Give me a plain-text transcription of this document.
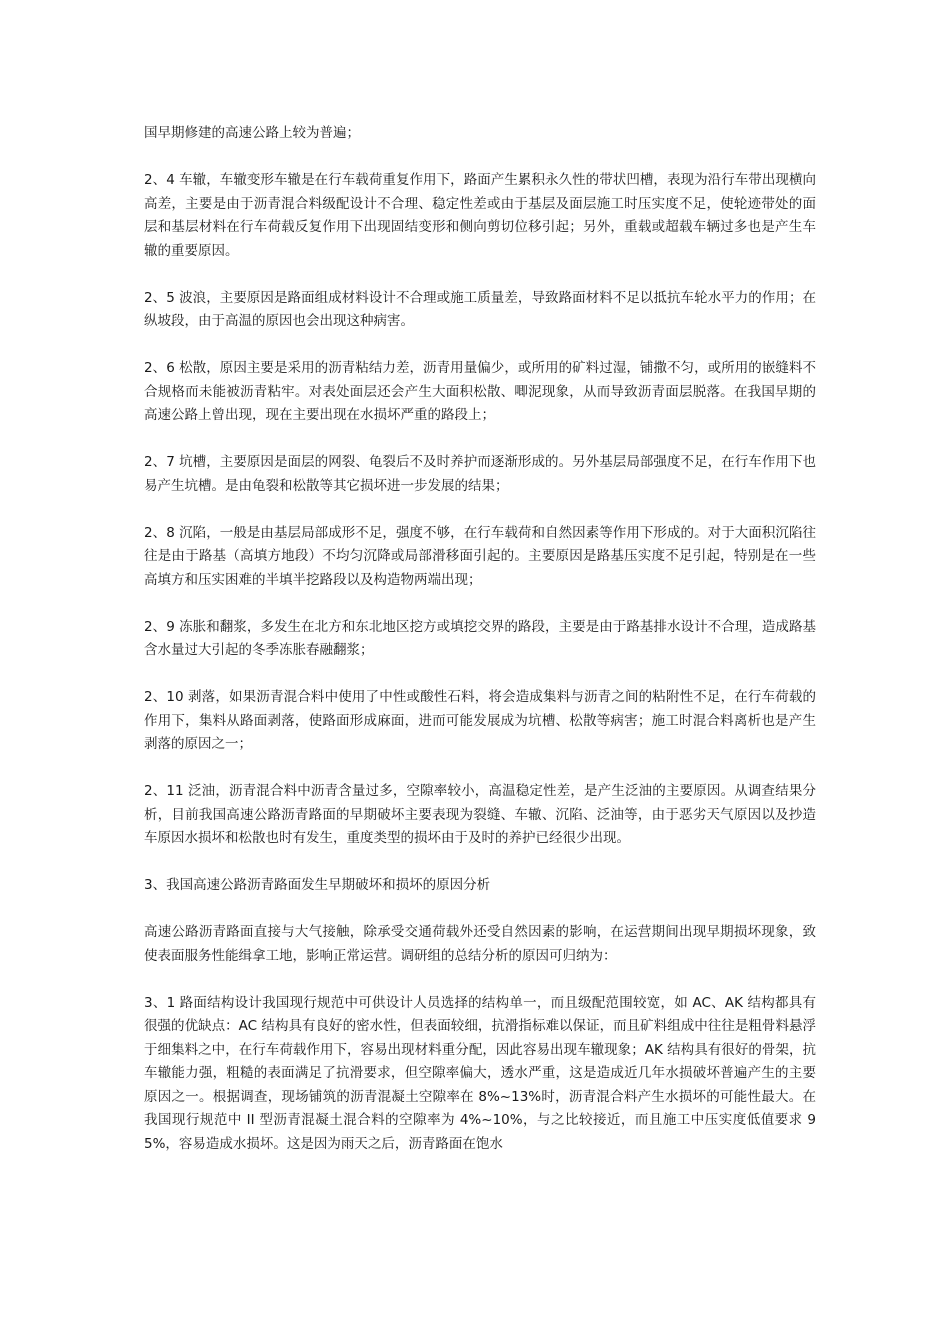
国早期修建的高速公路上较为普遍；

2、4 车辙，车辙变形车辙是在行车载荷重复作用下，路面产生累积永久性的带状凹槽，表现为沿行车带出现横向高差，主要是由于沥青混合料级配设计不合理、稳定性差或由于基层及面层施工时压实度不足，使轮迹带处的面层和基层材料在行车荷载反复作用下出现固结变形和侧向剪切位移引起；另外，重载或超载车辆过多也是产生车辙的重要原因。

2、5 波浪，主要原因是路面组成材料设计不合理或施工质量差，导致路面材料不足以抵抗车轮水平力的作用；在纵坡段，由于高温的原因也会出现这种病害。

2、6 松散，原因主要是采用的沥青粘结力差，沥青用量偏少，或所用的矿料过湿，铺撒不匀，或所用的嵌缝料不合规格而未能被沥青粘牢。对表处面层还会产生大面积松散、唧泥现象，从而导致沥青面层脱落。在我国早期的高速公路上曾出现，现在主要出现在水损坏严重的路段上；

2、7 坑槽，主要原因是面层的网裂、龟裂后不及时养护而逐渐形成的。另外基层局部强度不足，在行车作用下也易产生坑槽。是由龟裂和松散等其它损坏进一步发展的结果；

2、8 沉陷，一般是由基层局部成形不足，强度不够，在行车载荷和自然因素等作用下形成的。对于大面积沉陷往往是由于路基（高填方地段）不均匀沉降或局部滑移面引起的。主要原因是路基压实度不足引起，特别是在一些高填方和压实困难的半填半挖路段以及构造物两端出现；

2、9 冻胀和翻浆，多发生在北方和东北地区挖方或填挖交界的路段，主要是由于路基排水设计不合理，造成路基含水量过大引起的冬季冻胀春融翻浆；

2、10 剥落，如果沥青混合料中使用了中性或酸性石料，将会造成集料与沥青之间的粘附性不足，在行车荷载的作用下，集料从路面剥落，使路面形成麻面，进而可能发展成为坑槽、松散等病害；施工时混合料离析也是产生剥落的原因之一；

2、11 泛油，沥青混合料中沥青含量过多，空隙率较小，高温稳定性差，是产生泛油的主要原因。从调查结果分析，目前我国高速公路沥青路面的早期破坏主要表现为裂缝、车辙、沉陷、泛油等，由于恶劣天气原因以及抄造车原因水损坏和松散也时有发生，重度类型的损坏由于及时的养护已经很少出现。

3、我国高速公路沥青路面发生早期破坏和损坏的原因分析

高速公路沥青路面直接与大气接触，除承受交通荷载外还受自然因素的影响，在运营期间出现早期损坏现象，致使表面服务性能缉拿工地，影响正常运营。调研组的总结分析的原因可归纳为：

3、1 路面结构设计我国现行规范中可供设计人员选择的结构单一，而且级配范围较宽，如 AC、AK 结构都具有很强的优缺点：AC 结构具有良好的密水性，但表面较细，抗滑指标难以保证，而且矿料组成中往往是粗骨料悬浮于细集料之中，在行车荷载作用下，容易出现材料重分配，因此容易出现车辙现象；AK 结构具有很好的骨架，抗车辙能力强，粗糙的表面满足了抗滑要求，但空隙率偏大，透水严重，这是造成近几年水损破坏普遍产生的主要原因之一。根据调查，现场铺筑的沥青混凝土空隙率在 8%~13%时，沥青混合料产生水损坏的可能性最大。在我国现行规范中 II 型沥青混凝土混合料的空隙率为 4%~10%，与之比较接近，而且施工中压实度低值要求 95%，容易造成水损坏。这是因为雨天之后，沥青路面在饱水
